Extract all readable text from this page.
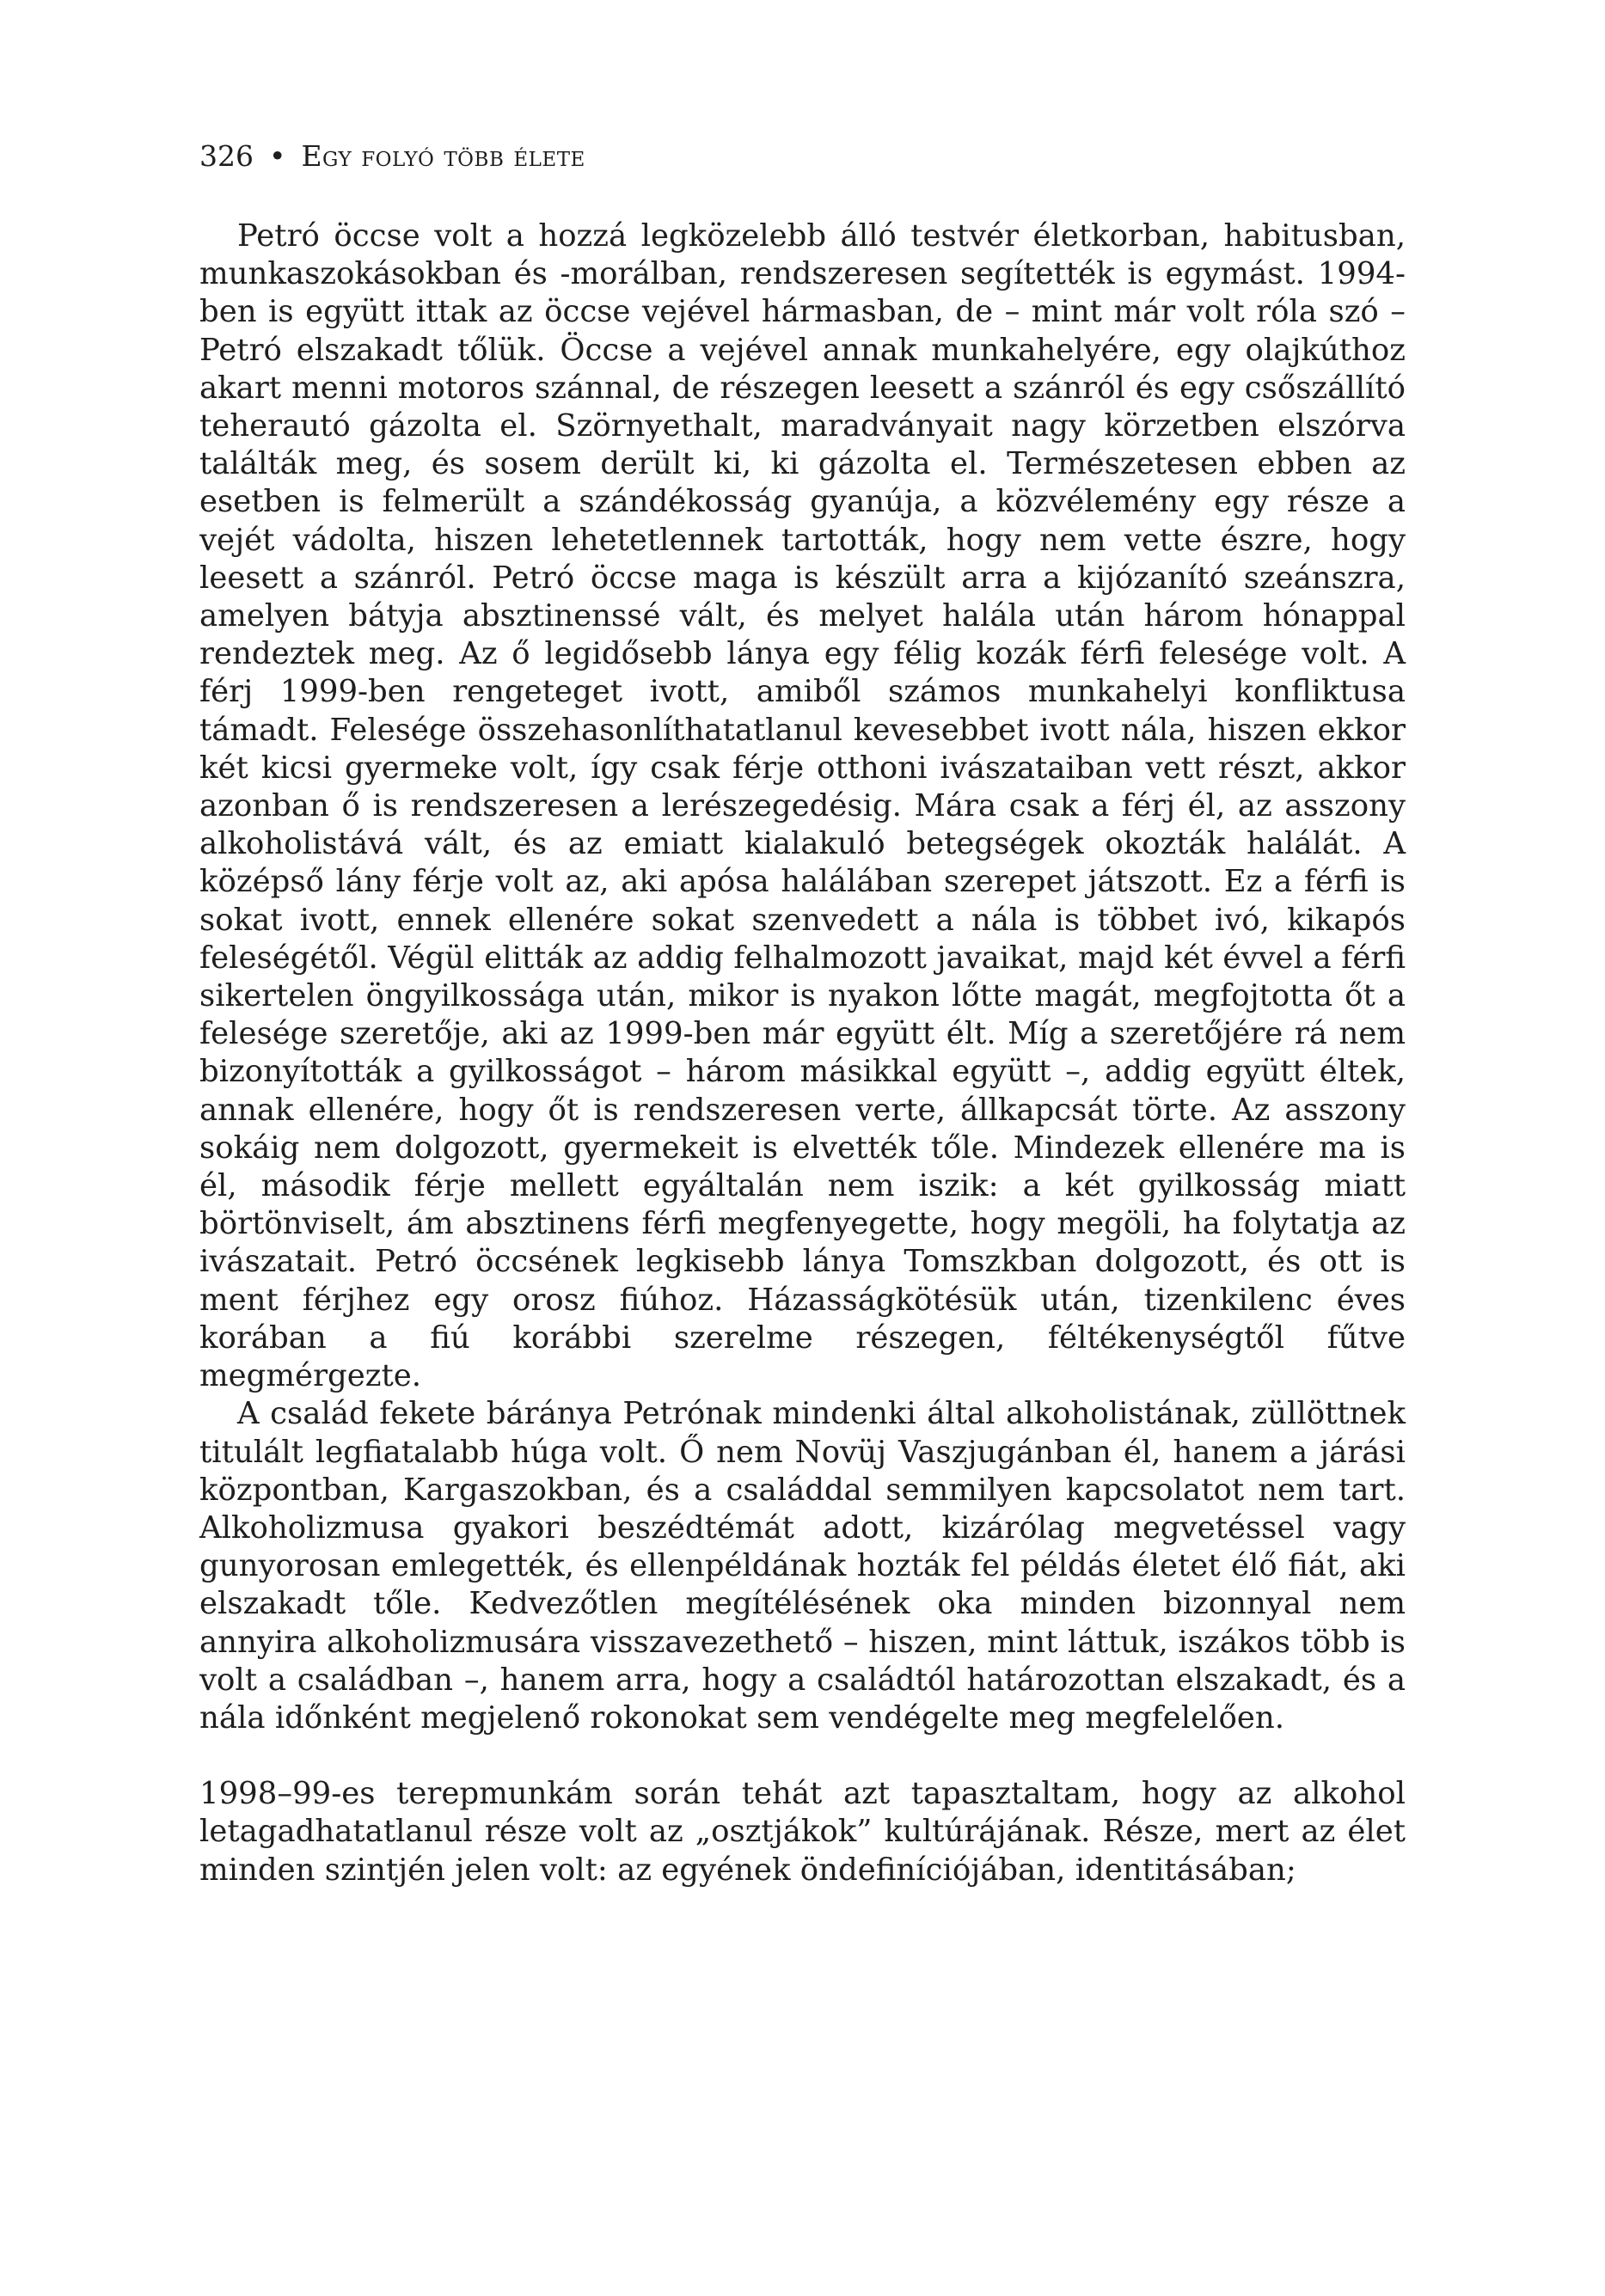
326 • Egy folyó több élete

Petró öccse volt a hozzá legközelebb álló testvér életkorban, habitusban, munkaszokásokban és -morálban, rendszeresen segítették is egymást. 1994-ben is együtt ittak az öccse vejével hármasban, de – mint már volt róla szó – Petró elszakadt tőlük. Öccse a vejével annak munkahelyére, egy olajkúthoz akart menni motoros szánnal, de részegen leesett a szánról és egy csőszállító teherautó gázolta el. Szörnyethalt, maradványait nagy körzetben elszórva találták meg, és sosem derült ki, ki gázolta el. Természetesen ebben az esetben is felmerült a szándékosság gyanúja, a közvélemény egy része a vejét vádolta, hiszen lehetetlennek tartották, hogy nem vette észre, hogy leesett a szánról. Petró öccse maga is készült arra a kijózanító szeánszra, amelyen bátyja absztinenssé vált, és melyet halála után három hónappal rendeztek meg. Az ő legidősebb lánya egy félig kozák férfi felesége volt. A férj 1999-ben rengeteget ivott, amiből számos munkahelyi konfliktusa támadt. Felesége összehasonlíthatatlanul kevesebbet ivott nála, hiszen ekkor két kicsi gyermeke volt, így csak férje otthoni ivászataiban vett részt, akkor azonban ő is rendszeresen a lerészegedésig. Mára csak a férj él, az asszony alkoholistává vált, és az emiatt kialakuló betegségek okozták halálát. A középső lány férje volt az, aki apósa halálában szerepet játszott. Ez a férfi is sokat ivott, ennek ellenére sokat szenvedett a nála is többet ivó, kikapós feleségétől. Végül elitták az addig felhalmozott javaikat, majd két évvel a férfi sikertelen öngyilkossága után, mikor is nyakon lőtte magát, megfojtotta őt a felesége szeretője, aki az 1999-ben már együtt élt. Míg a szeretőjére rá nem bizonyították a gyilkosságot – három másikkal együtt –, addig együtt éltek, annak ellenére, hogy őt is rendszeresen verte, állkapcsát törte. Az asszony sokáig nem dolgozott, gyermekeit is elvették tőle. Mindezek ellenére ma is él, második férje mellett egyáltalán nem iszik: a két gyilkosság miatt börtönviselt, ám absztinens férfi megfenyegette, hogy megöli, ha folytatja az ivászatait. Petró öccsének legkisebb lánya Tomszkban dolgozott, és ott is ment férjhez egy orosz fiúhoz. Házasságkötésük után, tizenkilenc éves korában a fiú korábbi szerelme részegen, féltékenységtől fűtve megmérgezte.

A család fekete báránya Petrónak mindenki által alkoholistának, züllöttnek titulált legfiatalabb húga volt. Ő nem Novüj Vaszjugánban él, hanem a járási központban, Kargaszokban, és a családdal semmilyen kapcsolatot nem tart. Alkoholizmusa gyakori beszédtémát adott, kizárólag megvetéssel vagy gunyorosan emlegették, és ellenpéldának hozták fel példás életet élő fiát, aki elszakadt tőle. Kedvezőtlen megítélésének oka minden bizonnyal nem annyira alkoholizmusára visszavezethető – hiszen, mint láttuk, iszákos több is volt a családban –, hanem arra, hogy a családtól határozottan elszakadt, és a nála időnként megjelenő rokonokat sem vendégelte meg megfelelően.

1998–99-es terepmunkám során tehát azt tapasztaltam, hogy az alkohol letagadhatatlanul része volt az „osztjákok” kultúrájának. Része, mert az élet minden szintjén jelen volt: az egyének öndefiníciójában, identitásában;
